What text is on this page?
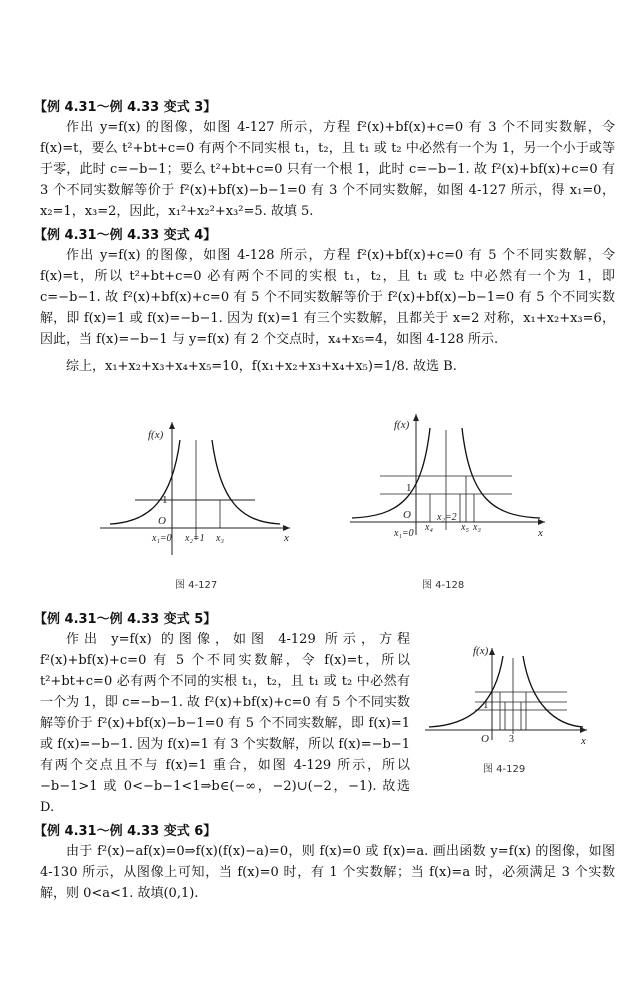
【例 4.31～例 4.33 变式 3】

作出 y=f(x) 的图像，如图 4-127 所示，方程 f²(x)+bf(x)+c=0 有 3 个不同实数解，令 f(x)=t，要么 t²+bt+c=0 有两个不同实根 t₁，t₂，且 t₁ 或 t₂ 中必然有一个为 1，另一个小于或等于零，此时 c=−b−1；要么 t²+bt+c=0 只有一个根 1，此时 c=−b−1. 故 f²(x)+bf(x)+c=0 有 3 个不同实数解等价于 f²(x)+bf(x)−b−1=0 有 3 个不同实数解，如图 4-127 所示，得 x₁=0，x₂=1，x₃=2，因此，x₁²+x₂²+x₃²=5. 故填 5.

【例 4.31～例 4.33 变式 4】

作出 y=f(x) 的图像，如图 4-128 所示，方程 f²(x)+bf(x)+c=0 有 5 个不同实数解，令 f(x)=t，所以 t²+bt+c=0 必有两个不同的实根 t₁，t₂，且 t₁ 或 t₂ 中必然有一个为 1，即 c=−b−1. 故 f²(x)+bf(x)+c=0 有 5 个不同实数解等价于 f²(x)+bf(x)−b−1=0 有 5 个不同实数解，即 f(x)=1 或 f(x)=−b−1. 因为 f(x)=1 有三个实数解，且都关于 x=2 对称，x₁+x₂+x₃=6，因此，当 f(x)=−b−1 与 y=f(x) 有 2 个交点时，x₄+x₅=4，如图 4-128 所示.

综上，x₁+x₂+x₃+x₄+x₅=10，f(x₁+x₂+x₃+x₄+x₅)=1/8. 故选 B.

f(x)
1
O
x
x₁=0 x₂=1 x₃
图 4-127
f(x)
1
O
x
x₁=0
x₄
x₂=2
x₅ x₃
图 4-128
【例 4.31～例 4.33 变式 5】

作出 y=f(x) 的图像，如图 4-129 所示，方程 f²(x)+bf(x)+c=0 有 5 个不同实数解，令 f(x)=t，所以 t²+bt+c=0 必有两个不同的实根 t₁，t₂，且 t₁ 或 t₂ 中必然有一个为 1，即 c=−b−1. 故 f²(x)+bf(x)+c=0 有 5 个不同实数解等价于 f²(x)+bf(x)−b−1=0 有 5 个不同实数解，即 f(x)=1 或 f(x)=−b−1. 因为 f(x)=1 有 3 个实数解，所以 f(x)=−b−1 有两个交点且不与 f(x)=1 重合，如图 4-129 所示，所以 −b−1>1 或 0<−b−1<1⇒b∈(−∞，−2)∪(−2，−1). 故选 D.

f(x)
1
O 3	x
图 4-129
【例 4.31～例 4.33 变式 6】

由于 f²(x)−af(x)=0⇒f(x)(f(x)−a)=0，则 f(x)=0 或 f(x)=a. 画出函数 y=f(x) 的图像，如图 4-130 所示，从图像上可知，当 f(x)=0 时，有 1 个实数解；当 f(x)=a 时，必须满足 3 个实数解，则 0<a<1. 故填(0,1).
